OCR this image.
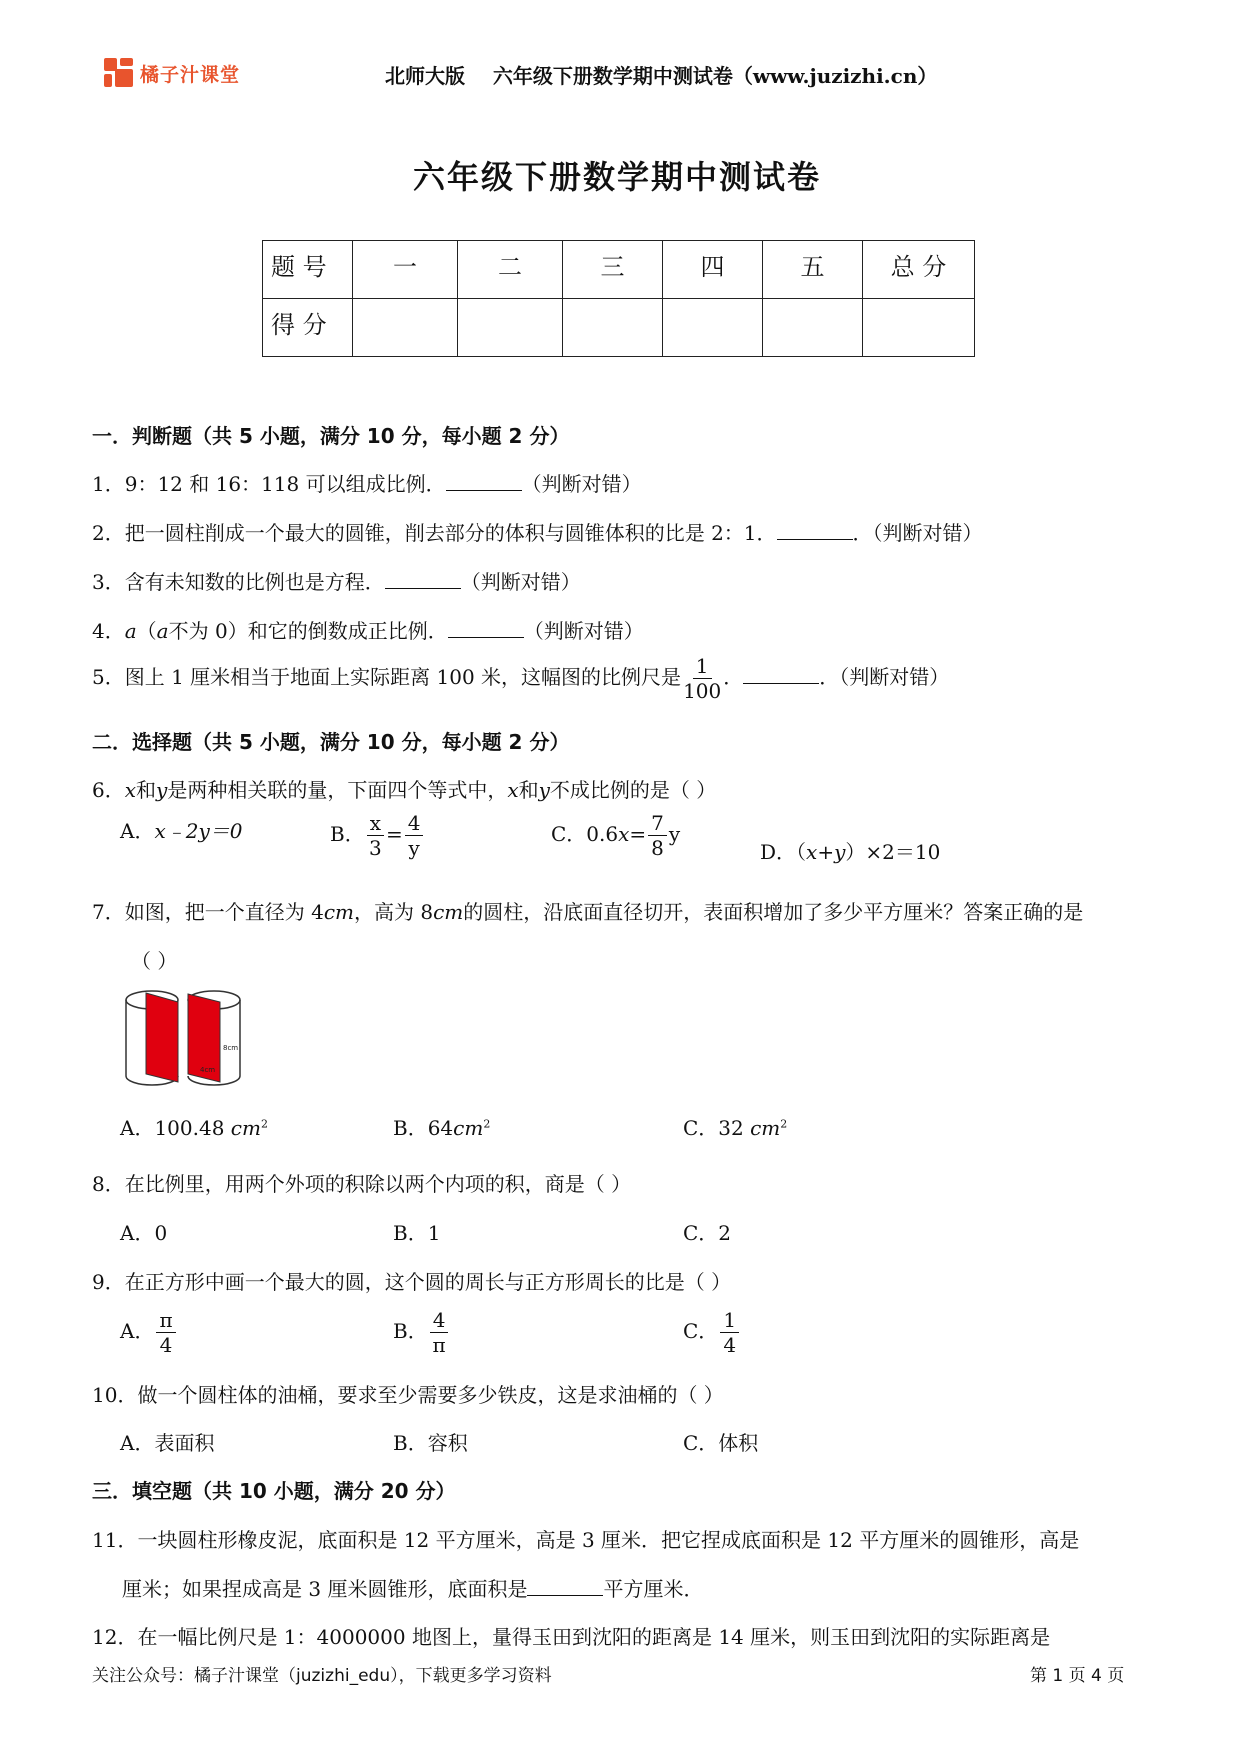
橘子汁课堂	北师大版    六年级下册数学期中测试卷（www.juzizhi.cn）
六年级下册数学期中测试卷
题 号	一	二	三	四	五	总 分
得 分						
一．判断题（共 5 小题，满分 10 分，每小题 2 分）
1．9：12 和 16：118 可以组成比例．	（判断对错）
2．把一圆柱削成一个最大的圆锥，削去部分的体积与圆锥体积的比是 2：1．	．（判断对错）
3．含有未知数的比例也是方程．	（判断对错）
4．a（a不为 0）和它的倒数成正比例．	（判断对错）
5．图上 1 厘米相当于地面上实际距离 100 米，这幅图的比例尺是 $\frac{1}{100}$ ．	．（判断对错）
二．选择题（共 5 小题，满分 10 分，每小题 2 分）
6．x和y是两种相关联的量，下面四个等式中，x和y不成比例的是（ ）
A．x﹣2y＝0	B． $\frac{x}{3} = \frac{4}{y}$	C．$0.6x= \frac{7}{8}$ y
D．（x+y）×2＝10
7．如图，把一个直径为 4cm，高为 8cm的圆柱，沿底面直径切开，表面积增加了多少平方厘米？答案正确的是
（ ）
8cm
4cm
A．100.48 $cm^2$	B．$64cm^2$	C．32 $cm^2$
8．在比例里，用两个外项的积除以两个内项的积，商是（ ）
A．0	B．1	C．2
9．在正方形中画一个最大的圆，这个圆的周长与正方形周长的比是（ ）
A． $\frac{\pi}{4}$	B． $\frac{4}{\pi}$	C． $\frac{1}{4}$
10．做一个圆柱体的油桶，要求至少需要多少铁皮，这是求油桶的（ ）
A．表面积	B．容积	C．体积
三．填空题（共 10 小题，满分 20 分）
11．一块圆柱形橡皮泥，底面积是 12 平方厘米，高是 3 厘米．把它捏成底面积是 12 平方厘米的圆锥形，高是
厘米；如果捏成高是 3 厘米圆锥形，底面积是	平方厘米．
12．在一幅比例尺是 1：4000000 地图上，量得玉田到沈阳的距离是 14 厘米，则玉田到沈阳的实际距离是
关注公众号：橘子汁课堂（juzizhi_edu），下载更多学习资料	第 1 页 4 页
